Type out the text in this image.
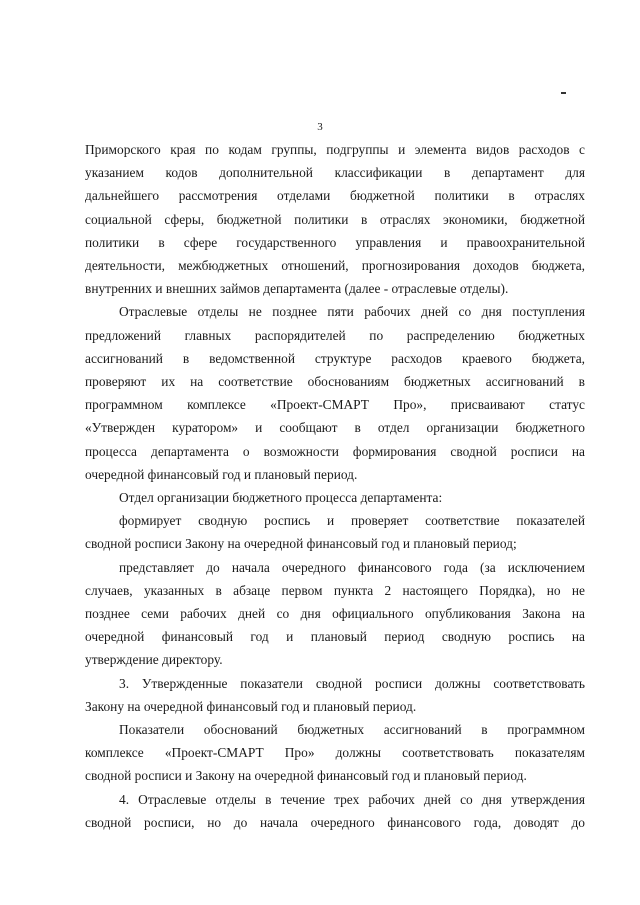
3
Приморского края по кодам группы, подгруппы и элемента видов расходов с
указанием кодов дополнительной классификации в департамент для
дальнейшего рассмотрения отделами бюджетной политики в отраслях
социальной сферы, бюджетной политики в отраслях экономики, бюджетной
политики в сфере государственного управления и правоохранительной
деятельности, межбюджетных отношений, прогнозирования доходов бюджета,
внутренних и внешних займов департамента (далее - отраслевые отделы).
Отраслевые отделы не позднее пяти рабочих дней со дня поступления
предложений главных распорядителей по распределению бюджетных
ассигнований в ведомственной структуре расходов краевого бюджета,
проверяют их на соответствие обоснованиям бюджетных ассигнований в
программном комплексе «Проект-СМАРТ Про», присваивают статус
«Утвержден куратором» и сообщают в отдел организации бюджетного
процесса департамента о возможности формирования сводной росписи на
очередной финансовый год и плановый период.
Отдел организации бюджетного процесса департамента:
формирует сводную роспись и проверяет соответствие показателей
сводной росписи Закону на очередной финансовый год и плановый период;
представляет до начала очередного финансового года (за исключением
случаев, указанных в абзаце первом пункта 2 настоящего Порядка), но не
позднее семи рабочих дней со дня официального опубликования Закона на
очередной финансовый год и плановый период сводную роспись на
утверждение директору.
3. Утвержденные показатели сводной росписи должны соответствовать
Закону на очередной финансовый год и плановый период.
Показатели обоснований бюджетных ассигнований в программном
комплексе «Проект-СМАРТ Про» должны соответствовать показателям
сводной росписи и Закону на очередной финансовый год и плановый период.
4. Отраслевые отделы в течение трех рабочих дней со дня утверждения
сводной росписи, но до начала очередного финансового года, доводят до
